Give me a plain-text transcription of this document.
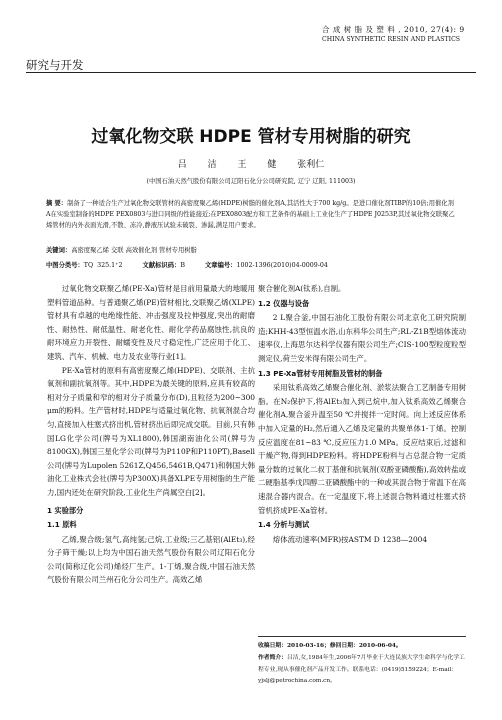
研究与开发
合 成 树 脂 及 塑 料 , 2010, 27(4): 9
CHINA SYNTHETIC RESIN AND PLASTICS
过氧化物交联 HDPE 管材专用树脂的研究
吕 洁 王 健 张利仁
(中国石油天然气股份有限公司辽阳石化分公司研究院, 辽宁 辽阳, 111003)
摘 要：制备了一种适合生产过氧化物交联管材的高密度聚乙烯(HDPE)树脂的催化剂A,其活性大于700 kg/g。是进口催化剂TIBP的10倍;用催化剂A在实验室制备的HDPE PEX0803与进口同级的性能接近;在PEX0803配方和工艺条件的基础上工业化生产了HDPE J0253P,其过氧化物交联聚乙烯管材的内外表面光滑,不散、冻冷,静液压试验未破裂、渗漏,满足用户要求。
关键词：高密度聚乙烯 交联 高效催化剂 管材专用树脂
中图分类号：TQ 325.1⁺2	文献标识码：B	文章编号：1002-1396(2010)04-0009-04

过氧化物交联聚乙烯(PE-Xa)管材是目前用量最大的地暖用塑料管道品种。与普通聚乙烯(PE)管材相比,交联聚乙烯(XLPE)管材具有卓越的电绝缘性能、冲击强度及拉伸强度,突出的耐磨性、耐热性、耐低温性、耐老化性、耐化学药品腐蚀性,抗良的耐环境应力开裂性、耐蠕变性及尺寸稳定性,广泛应用于化工、建筑、汽车、机械、电力及农业等行业[1]。

PE-Xa管材的原料有高密度聚乙烯(HDPE)、交联剂、主抗氧剂和副抗氧剂等。其中,HDPE为最关键的原料,应具有较高的相对分子质量和窄的相对分子质量分布(D),且粒径为200~300 μm的粉料。生产管材时,HDPE与适量过氧化物、抗氧剂混合均匀,直接加入柱塞式挤出机,管材挤出后即完成交联。目前,只有韩国LG化学公司(牌号为XL1800),韩国湖南油化公司(牌号为8100GX),韩国三星化学公司(牌号为P110P和P110PT),Basell公司(牌号为Lupolen 5261Z,Q456,5461B,Q471)和韩国大韩油化工业株式会社(牌号为P300X)具备XLPE专用树脂的生产能力,国内还处在研究阶段,工业化生产尚属空白[2]。

1 实验部分
1.1 原料

乙烯,聚合级;氢气,高纯氢;己烷,工业级;三乙基铝(AlEt₃),经分子筛干燥;以上均为中国石油天然气股份有限公司辽阳石化分公司(简称辽化公司)烯烃厂生产。1-丁烯,聚合级,中国石油天然气股份有限公司兰州石化分公司生产。高效乙烯

聚合催化剂A(钛系),自制。
1.2 仪器与设备

2 L聚合釜,中国石油化工股份有限公司北京化工研究院制造;KHH-43型恒温水浴,山东科华公司生产;RL-Z1B型熔体流动速率仪,上海思尔达科学仪器有限公司生产;CIS-100型粒度粒型测定仪,荷兰安米得有限公司生产。

1.3 PE-Xa管材专用树脂及管材的制备

采用钛系高效乙烯聚合催化剂、淤浆法聚合工艺制备专用树脂。在N₂保护下,将AlEt₃加入到己烷中,加入钛系高效乙烯聚合催化剂A,聚合釜升温至50 ℃并搅拌一定时间。向上述反应体系中加入定量的H₂,然后通入乙烯及定量的共聚单体1-丁烯。控制反应温度在81~83 ℃,反应压力1.0 MPa。反应结束后,过滤和干燥产物,得到HDPE粉料。将HDPE粉料与占总混合物一定质量分数的过氧化二叔丁基催和抗氧剂(双酚亚磷酸酯),高效转盐或二硬脂基季戊四醇二亚磷酸酯中的一种或其混合物于常温下在高速混合器内混合。在一定温度下,将上述混合物料通过柱塞式挤管机挤成PE-Xa管材。

1.4 分析与测试

熔体流动速率(MFR)按ASTM D 1238—2004

收稿日期：2010-03-16；修回日期：2010-06-04。
作者简介：吕洁,女,1984年生,2006年7月毕业于大连民族大学生命科学与化学工程专业,现从事催化剂产品开发工作。联系电话：(0419)5159224；E-mail：yjslj@petrochina.com.cn。
